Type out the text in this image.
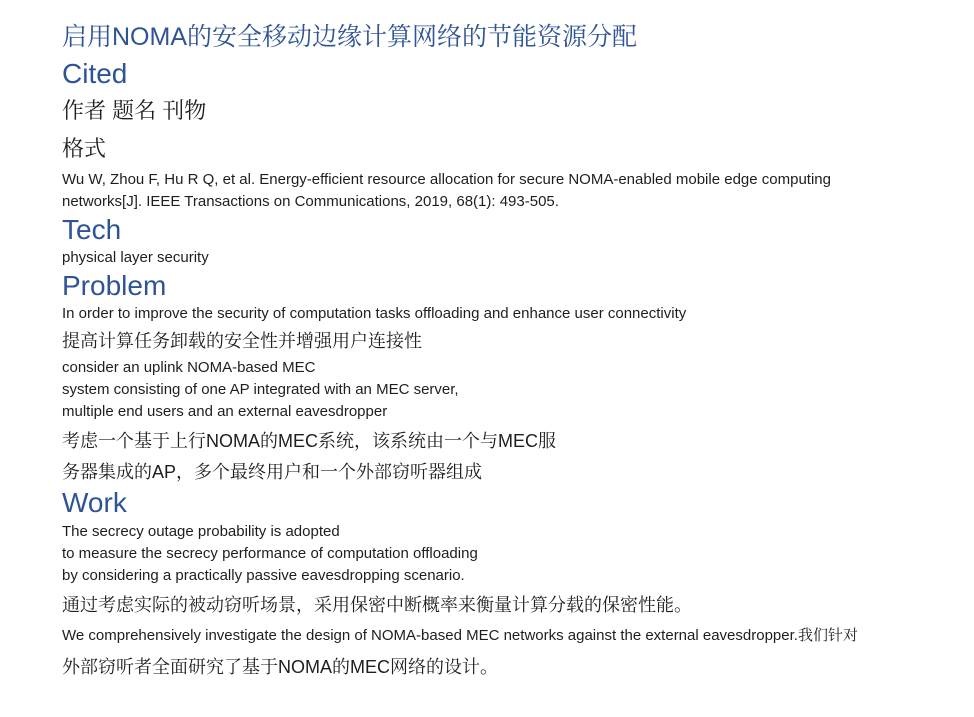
启用NOMA的安全移动边缘计算网络的节能资源分配
Cited

作者 题名 刊物

格式

Wu W, Zhou F, Hu R Q, et al. Energy-efficient resource allocation for secure NOMA-enabled mobile edge computing
networks[J]. IEEE Transactions on Communications, 2019, 68(1): 493-505.
Tech

physical layer security

Problem

In order to improve the security of computation tasks offloading and enhance user connectivity

提高计算任务卸载的安全性并增强用户连接性

consider an uplink NOMA-based MEC
system consisting of one AP integrated with an MEC server,
multiple end users and an external eavesdropper
考虑一个基于上行NOMA的MEC系统，该系统由一个与MEC服
务器集成的AP，多个最终用户和一个外部窃听器组成
Work
The secrecy outage probability is adopted
to measure the secrecy performance of computation offloading
by considering a practically passive eavesdropping scenario.

通过考虑实际的被动窃听场景，采用保密中断概率来衡量计算分载的保密性能。

We comprehensively investigate the design of NOMA-based MEC networks against the external eavesdropper.我们针对
外部窃听者全面研究了基于NOMA的MEC网络的设计。
